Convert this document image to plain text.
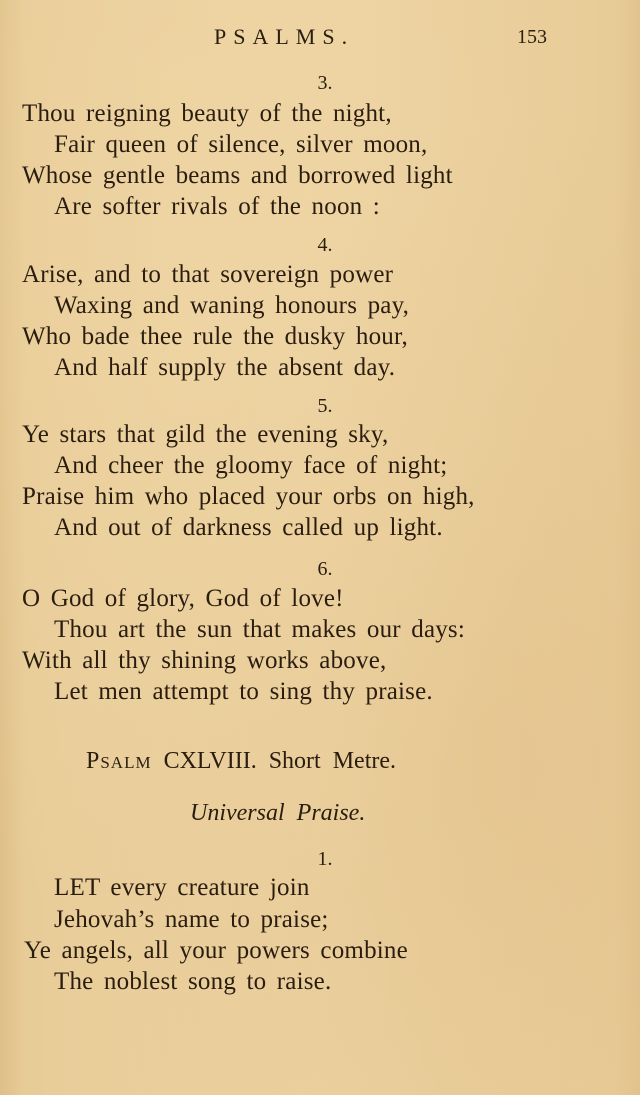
PSALMS.	153
3.
Thou reigning beauty of the night,
Fair queen of silence, silver moon,
Whose gentle beams and borrowed light
Are softer rivals of the noon :
4.
Arise, and to that sovereign power
Waxing and waning honours pay,
Who bade thee rule the dusky hour,
And half supply the absent day.
5.
Ye stars that gild the evening sky,
And cheer the gloomy face of night;
Praise him who placed your orbs on high,
And out of darkness called up light.
6.
O God of glory, God of love!
Thou art the sun that makes our days:
With all thy shining works above,
Let men attempt to sing thy praise.
Psalm CXLVIII. Short Metre.
Universal Praise.
1.
LET every creature join
Jehovah’s name to praise;
Ye angels, all your powers combine
The noblest song to raise.
